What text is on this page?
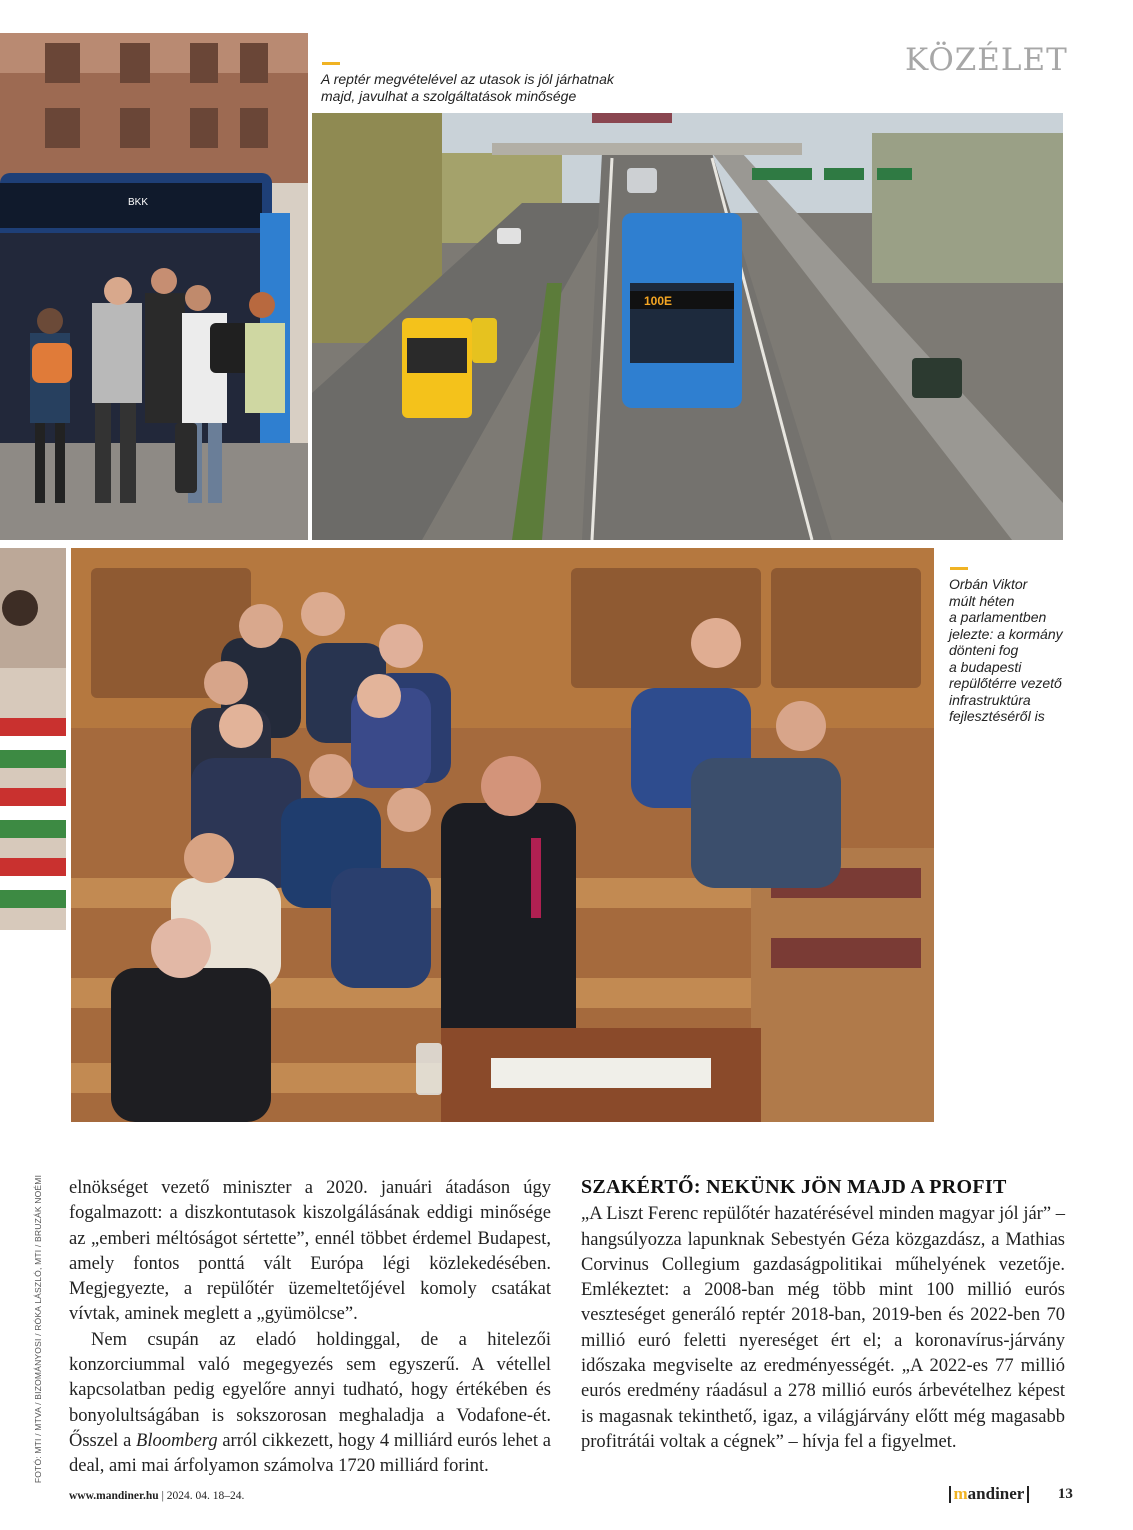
KÖZÉLET
BKK
A reptér megvételével az utasok is jól járhatnak majd, javulhat a szolgáltatások minősége
100E
Orbán Viktor
múlt héten
a parlamentben
jelezte: a kormány
dönteni fog
a budapesti
repülőtérre vezető
infrastruktúra
fejlesztéséről is
FOTÓ: MTI / MTVA / BIZOMÁNYOSI / RÓKA LÁSZLÓ, MTI / BRUZÁK NOÉMI elnökséget vezető miniszter a 2020. januári átadáson úgy fogalmazott: a diszkontutasok kiszolgálásának eddigi minősége az „emberi méltóságot sértette”, ennél többet érdemel Budapest, amely fontos ponttá vált Európa légi közlekedésében. Megjegyezte, a repülőtér üzemeltetőjével komoly csatákat vívtak, aminek meglett a „gyümölcse”.

Nem csupán az eladó holdinggal, de a hitelezői konzorciummal való megegyezés sem egyszerű. A vétellel kapcsolatban pedig egyelőre annyi tudható, hogy értékében és bonyolultságában is sokszorosan meghaladja a Vodafone-ét. Ősszel a Bloomberg arról cikkezett, hogy 4 milliárd eurós lehet a deal, ami mai árfolyamon számolva 1720 milliárd forint.

SZAKÉRTŐ: NEKÜNK JÖN MAJD A PROFIT

„A Liszt Ferenc repülőtér hazatérésével minden magyar jól jár” – hangsúlyozza lapunknak Sebestyén Géza közgazdász, a Mathias Corvinus Collegium gazdaságpolitikai műhelyének vezetője. Emlékeztet: a 2008-ban még több mint 100 millió eurós veszteséget generáló reptér 2018-ban, 2019-ben és 2022-ben 70 millió euró feletti nyereséget ért el; a koronavírus-járvány időszaka megviselte az eredményességét. „A 2022-es 77 millió eurós eredmény ráadásul a 278 millió eurós árbevételhez képest is magasnak tekinthető, igaz, a világjárvány előtt még magasabb profitrátái voltak a cégnek” – hívja fel a figyelmet.

www.mandiner.hu | 2024. 04. 18–24.	mandiner 13
